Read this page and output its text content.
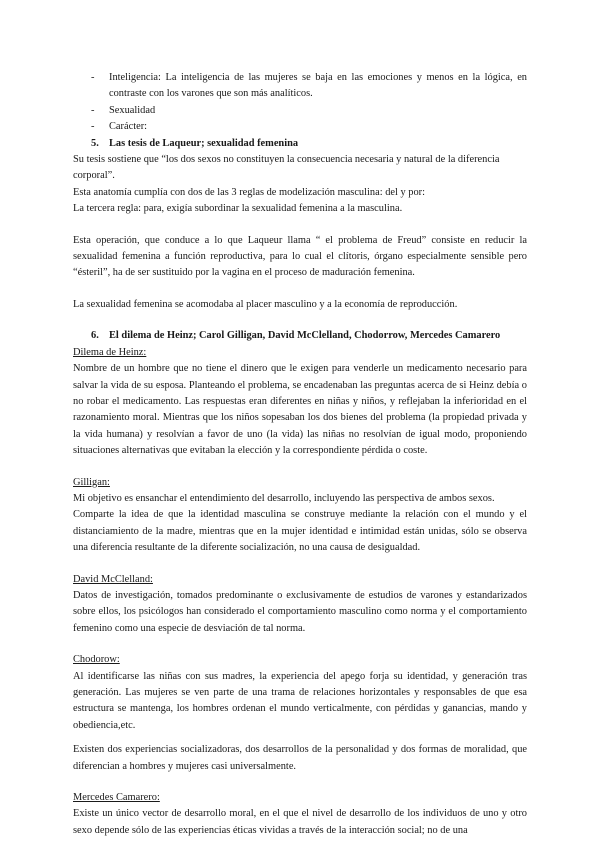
- Inteligencia: La inteligencia de las mujeres se baja en las emociones y menos en la lógica, en contraste con los varones que son más analíticos.
- Sexualidad
- Carácter:

5. Las tesis de Laqueur; sexualidad femenina

Su tesis sostiene que “los dos sexos no constituyen la consecuencia necesaria y natural de la diferencia corporal”.

Esta anatomía cumplía con dos de las 3 reglas de modelización masculina: del y por:

La tercera regla: para, exigía subordinar la sexualidad femenina a la masculina.

Esta operación, que conduce a lo que Laqueur llama “ el problema de Freud” consiste en reducir la sexualidad femenina a función reproductiva, para lo cual el clítoris, órgano especialmente sensible pero “ésteril”, ha de ser sustituido por la vagina en el proceso de maduración femenina.

La sexualidad femenina se acomodaba al placer masculino y a la economía de reproducción.

6. El dilema de Heinz; Carol Gilligan, David McClelland, Chodorrow, Mercedes Camarero

Dilema de Heinz:

Nombre de un hombre que no tiene el dinero que le exigen para venderle un medicamento necesario para salvar la vida de su esposa. Planteando el problema, se encadenaban las preguntas acerca de si Heinz debía o no robar el medicamento. Las respuestas eran diferentes en niñas y niños, y reflejaban la inferioridad en el razonamiento moral. Mientras que los niños sopesaban los dos bienes del problema (la propiedad privada y la vida humana) y resolvían a favor de uno (la vida) las niñas no resolvían de igual modo, proponiendo situaciones alternativas que evitaban la elección y la correspondiente pérdida o coste.

Gilligan:

Mi objetivo es ensanchar el entendimiento del desarrollo, incluyendo las perspectiva de ambos sexos.

Compartе la idea de que la identidad masculina se construye mediante la relación con el mundo y el distanciamiento de la madre, mientras que en la mujer identidad e intimidad están unidas, sólo se observa una diferencia resultante de la diferente socialización, no una causa de desigualdad.

David McClelland:

Datos de investigación, tomados predominante o exclusivamente de estudios de varones y estandarizados sobre ellos, los psicólogos han considerado el comportamiento masculino como norma y el comportamiento femenino como una especie de desviación de tal norma.

Chodorow:

Al identificarse las niñas con sus madres, la experiencia del apego forja su identidad, y generación tras generación. Las mujeres se ven parte de una trama de relaciones horizontales y responsables de que esa estructura se mantenga, los hombres ordenan el mundo verticalmente, con pérdidas y ganancias, mando y obediencia,etc.

Existen dos experiencias socializadoras, dos desarrollos de la personalidad y dos formas de moralidad, que diferencian a hombres y mujeres casi universalmente.

Mercedes Camarero:

Existe un único vector de desarrollo moral, en el que el nivel de desarrollo de los individuos de uno y otro sexo depende sólo de las experiencias éticas vividas a través de la interacción social; no de una
